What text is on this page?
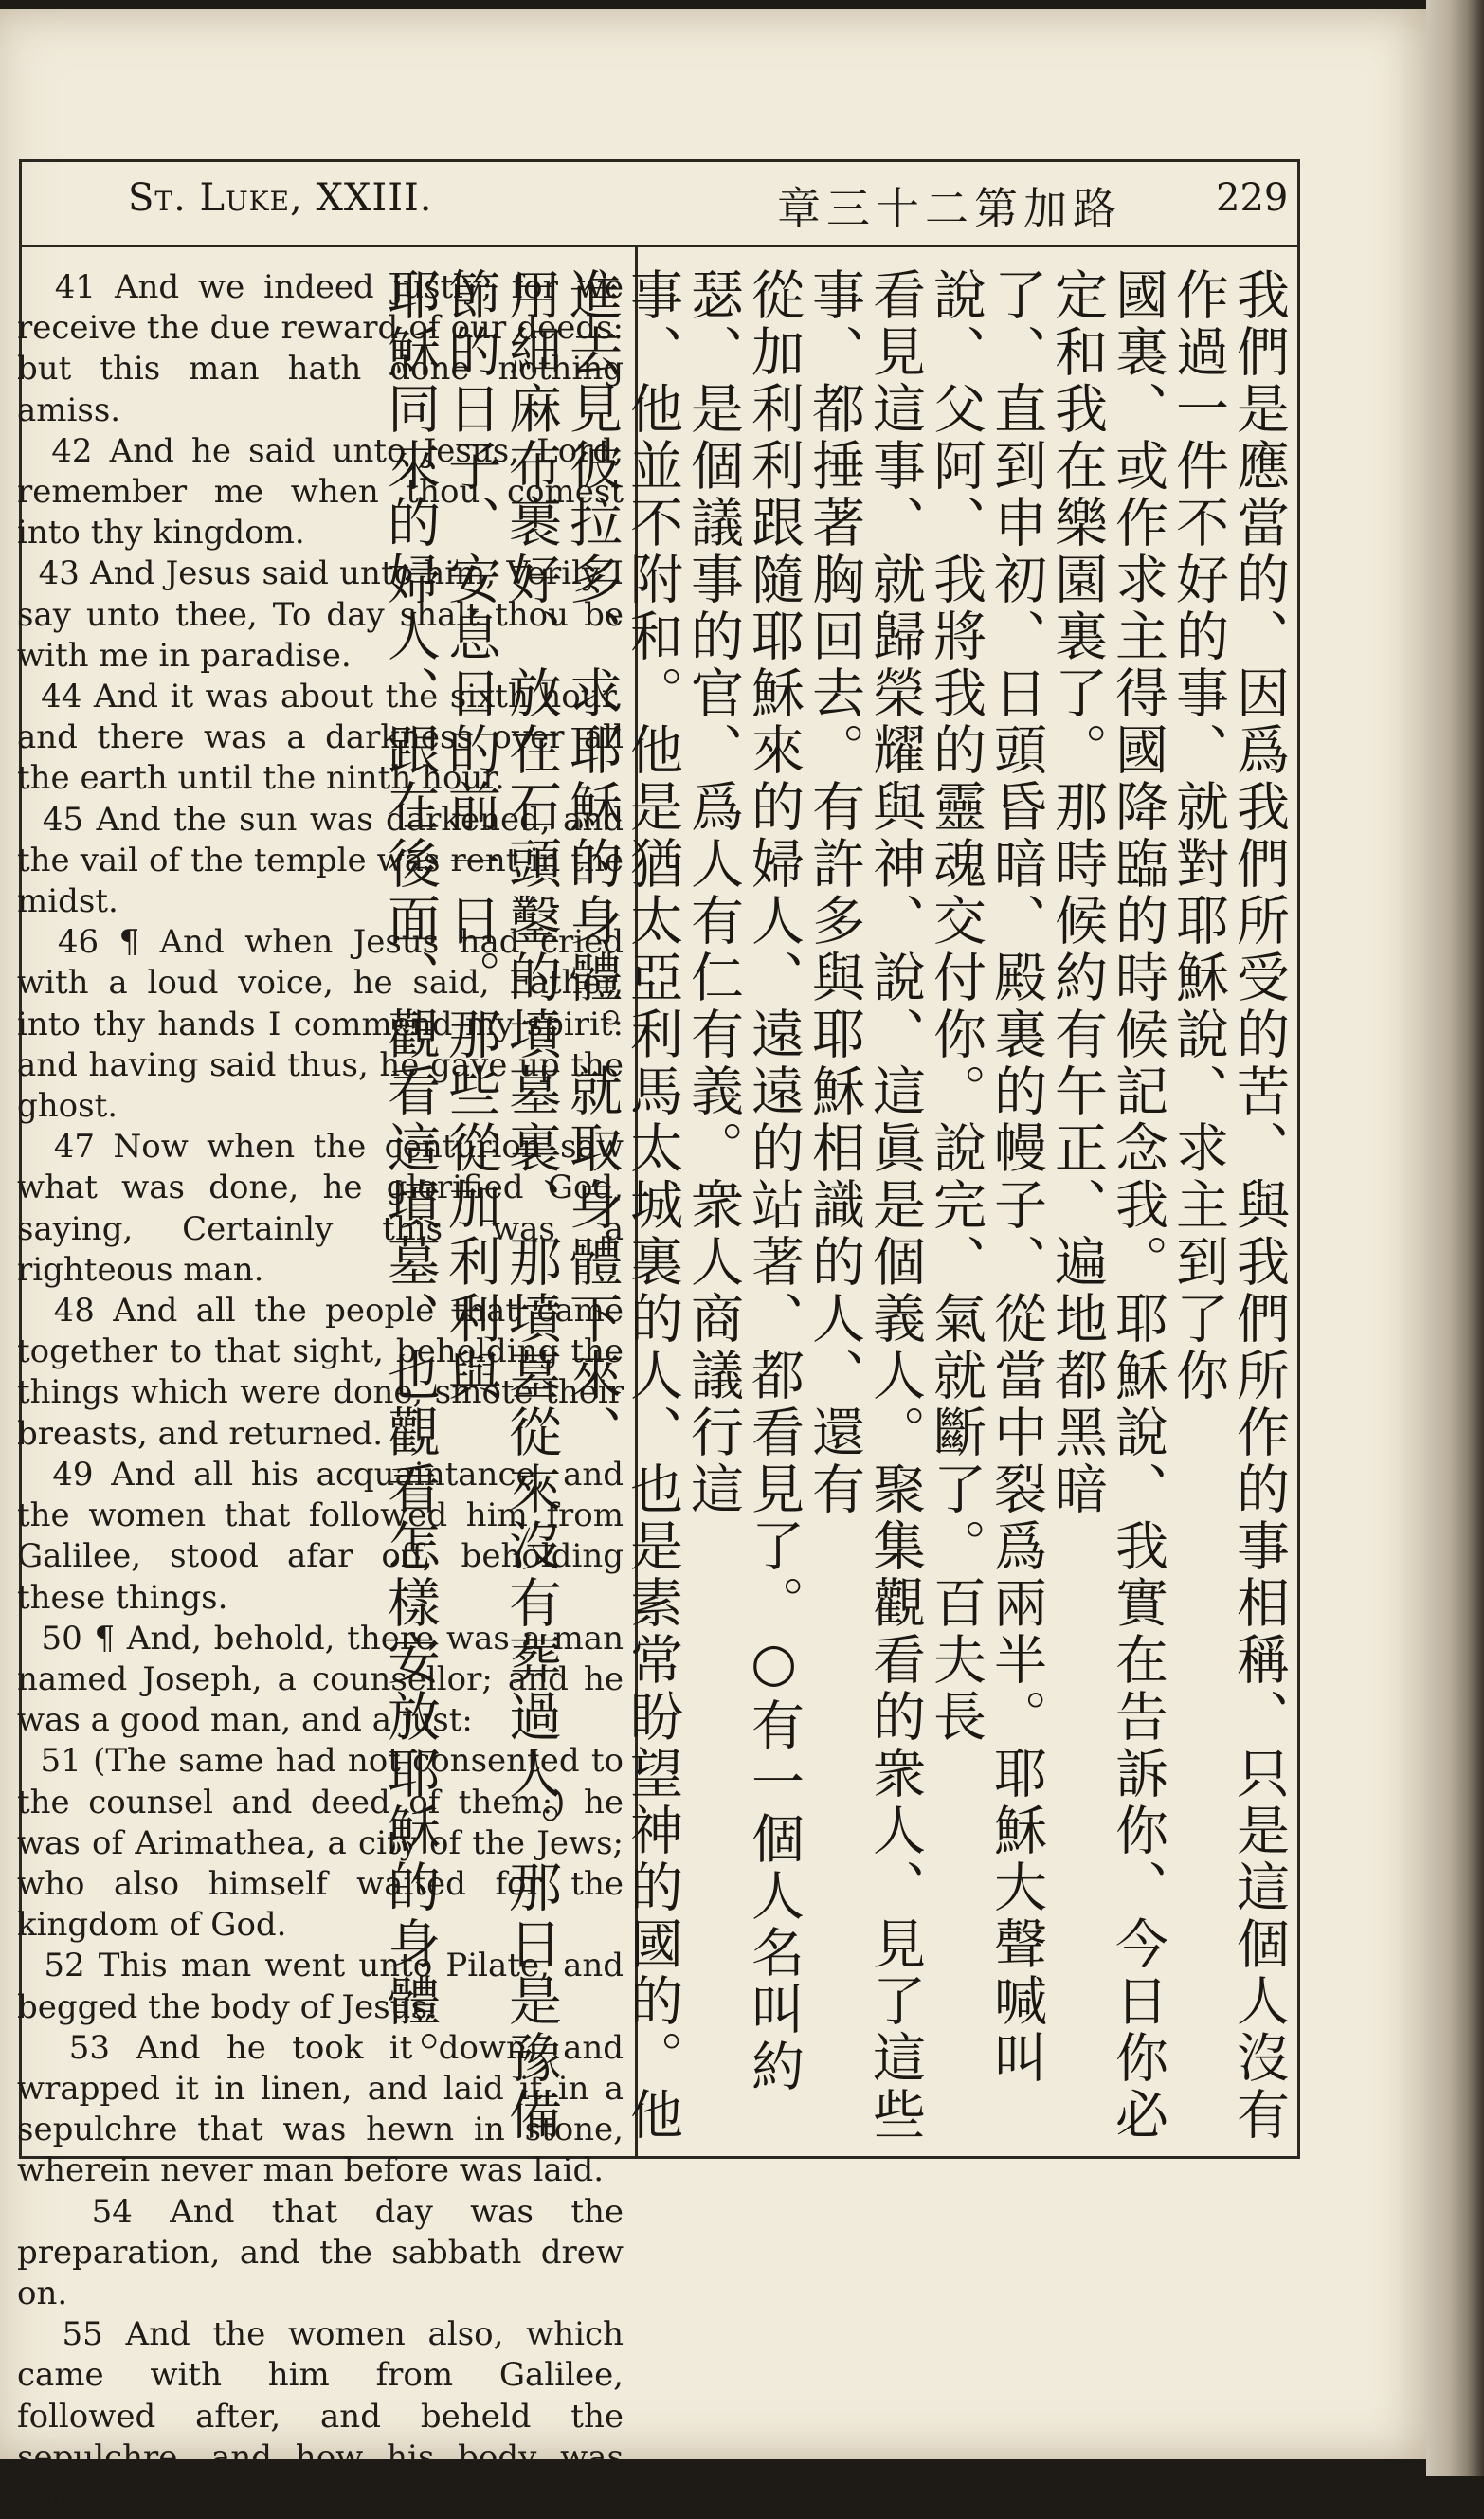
St. Luke, XXIII.	章三十二第加路 229
41 And we indeed justly; for we receive the due reward of our deeds: but this man hath done nothing amiss.
42 And he said unto Jesus, Lord, remember me when thou comest into thy kingdom.
43 And Jesus said unto him, Verily I say unto thee, To day shalt thou be with me in paradise.
44 And it was about the sixth hour, and there was a darkness over all the earth until the ninth hour.
45 And the sun was darkened, and the vail of the temple was rent in the midst.
46 ¶ And when Jesus had cried with a loud voice, he said, Father, into thy hands I commend my spirit: and having said thus, he gave up the ghost.
47 Now when the centurion saw what was done, he glorified God, saying, Certainly this was a righteous man.
48 And all the people that came together to that sight, beholding the things which were done, smote their breasts, and returned.
49 And all his acquaintance, and the women that followed him from Galilee, stood afar off, beholding these things.
50 ¶ And, behold, there was a man named Joseph, a counsellor; and he was a good man, and a just:
51 (The same had not consented to the counsel and deed of them:) he was of Arimathea, a city of the Jews; who also himself waited for the kingdom of God.
52 This man went unto Pilate, and begged the body of Jesus.
53 And he took it down, and wrapped it in linen, and laid it in a sepulchre that was hewn in stone, wherein never man before was laid.
54 And that day was the preparation, and the sabbath drew on.
55 And the women also, which came with him from Galilee, followed after, and beheld the sepulchre, and how his body was laid.
我們是應當的、因爲我們所受的苦、與我們所作的事相稱、只是這個人沒有作過一件不好的事、就對耶穌說、求主到了你
國裏、或作求主得國降臨的時候記念我。耶穌說、我實在告訴你、今日你必定和我在樂園裏了。那時候約有午正、遍地都黑暗
了、直到申初、日頭昏暗、殿裏的幔子、從當中裂爲兩半。耶穌大聲喊叫說、父阿、我將我的靈魂交付你。說完、氣就斷了。百夫長
看見這事、就歸榮耀與神、說、這眞是個義人。聚集觀看的衆人、見了這些事、都捶著胸回去。有許多與耶穌相識的人、還有
從加利利跟隨耶穌來的婦人、遠遠的站著、都看見了。○有一個人名叫約瑟、是個議事的官、爲人有仁有義。衆人商議行這
事、他並不附和。他是猶太亞利馬太城裏的人、也是素常盼望神的國的。他進去見彼拉多、求耶穌的身體。就取身體下來、
用細麻布裹好、放在石頭鑿的墳墓裏、那墳墓從來沒有葬過人。那日是豫備節的日子、安息日的前一日。那些從加利利與
耶穌同來的婦人、跟在後面、觀看這墳墓、也觀看怎樣安放耶穌的身體。
